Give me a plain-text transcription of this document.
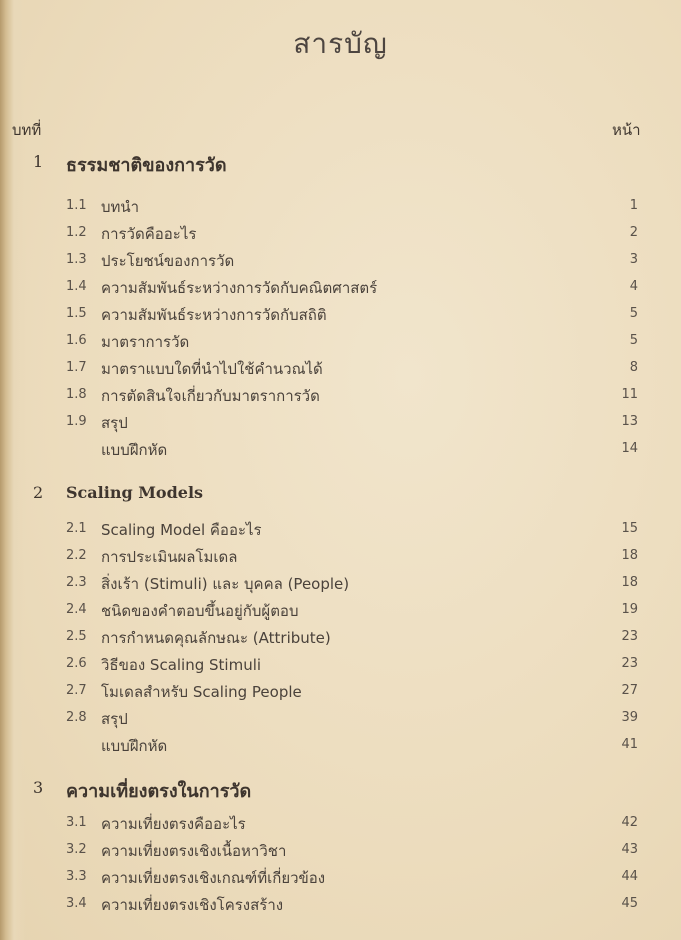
สารบัญ
บทที่	หน้า
1 ธรรมชาติของการวัด
1.1 บทนำ	1
1.2 การวัดคืออะไร	2
1.3 ประโยชน์ของการวัด	3
1.4 ความสัมพันธ์ระหว่างการวัดกับคณิตศาสตร์	4
1.5 ความสัมพันธ์ระหว่างการวัดกับสถิติ	5
1.6 มาตราการวัด	5
1.7 มาตราแบบใดที่นำไปใช้คำนวณได้	8
1.8 การตัดสินใจเกี่ยวกับมาตราการวัด	11
1.9 สรุป	13
แบบฝึกหัด	14
2 Scaling Models
2.1 Scaling Model คืออะไร	15
2.2 การประเมินผลโมเดล	18
2.3 สิ่งเร้า (Stimuli) และ บุคคล (People)	18
2.4 ชนิดของคำตอบขึ้นอยู่กับผู้ตอบ	19
2.5 การกำหนดคุณลักษณะ (Attribute)	23
2.6 วิธีของ Scaling Stimuli	23
2.7 โมเดลสำหรับ Scaling People	27
2.8 สรุป	39
แบบฝึกหัด	41
3 ความเที่ยงตรงในการวัด
3.1 ความเที่ยงตรงคืออะไร	42
3.2 ความเที่ยงตรงเชิงเนื้อหาวิชา	43
3.3 ความเที่ยงตรงเชิงเกณฑ์ที่เกี่ยวข้อง	44
3.4 ความเที่ยงตรงเชิงโครงสร้าง	45
